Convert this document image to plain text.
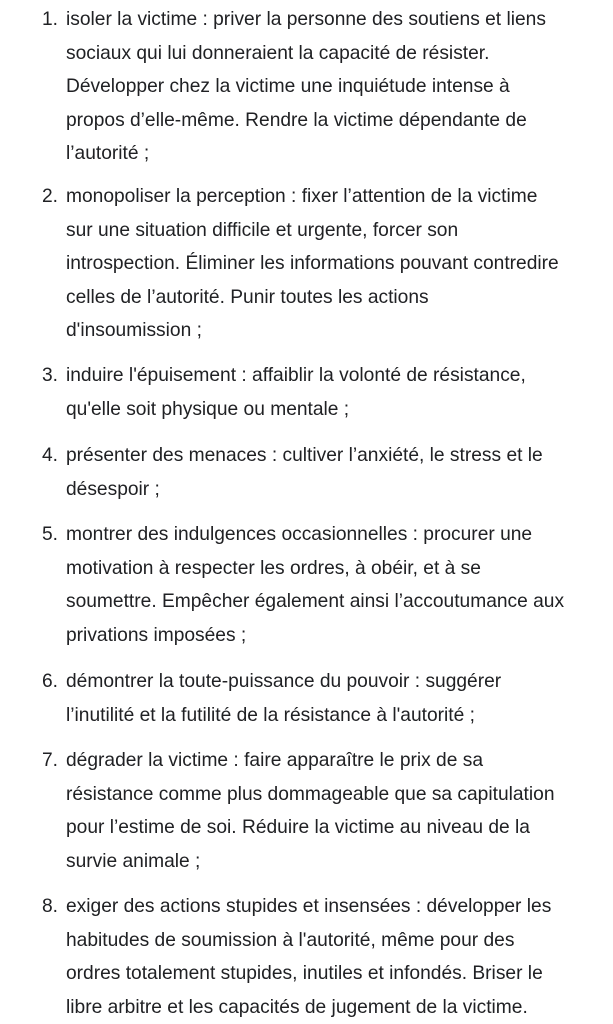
1. isoler la victime : priver la personne des soutiens et liens
sociaux qui lui donneraient la capacité de résister.
Développer chez la victime une inquiétude intense à
propos d’elle-même. Rendre la victime dépendante de
l’autorité ;
2. monopoliser la perception : fixer l’attention de la victime
sur une situation difficile et urgente, forcer son
introspection. Éliminer les informations pouvant contredire
celles de l’autorité. Punir toutes les actions
d'insoumission ;
3. induire l'épuisement : affaiblir la volonté de résistance,
qu'elle soit physique ou mentale ;
4. présenter des menaces : cultiver l’anxiété, le stress et le
désespoir ;
5. montrer des indulgences occasionnelles : procurer une
motivation à respecter les ordres, à obéir, et à se
soumettre. Empêcher également ainsi l’accoutumance aux
privations imposées ;
6. démontrer la toute-puissance du pouvoir : suggérer
l’inutilité et la futilité de la résistance à l'autorité ;
7. dégrader la victime : faire apparaître le prix de sa
résistance comme plus dommageable que sa capitulation
pour l’estime de soi. Réduire la victime au niveau de la
survie animale ;
8. exiger des actions stupides et insensées : développer les
habitudes de soumission à l'autorité, même pour des
ordres totalement stupides, inutiles et infondés. Briser le
libre arbitre et les capacités de jugement de la victime.
